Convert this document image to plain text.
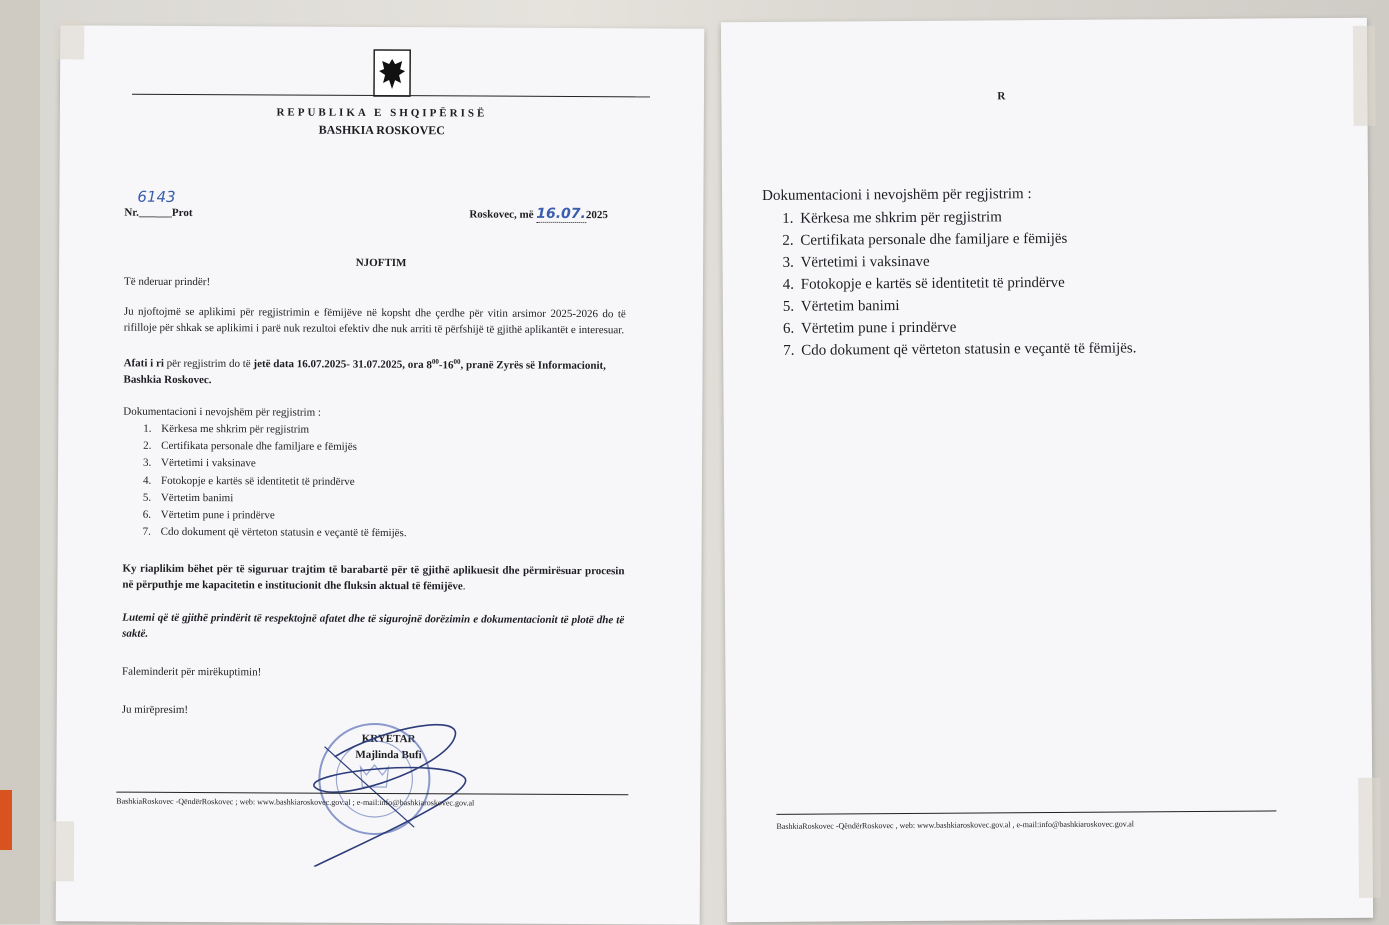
REPUBLIKA E SHQIPËRISË
BASHKIA ROSKOVEC
6143
Nr.______Prot	Roskovec, më 16.07.2025
NJOFTIM
Të nderuar prindër!
Ju njoftojmë se aplikimi për regjistrimin e fëmijëve në kopsht dhe çerdhe për vitin arsimor 2025-2026 do të rifilloje për shkak se aplikimi i parë nuk rezultoi efektiv dhe nuk arriti të përfshijë të gjithë aplikantët e interesuar.
Afati i ri për regjistrim do të jetë data 16.07.2025- 31.07.2025, ora $8^{00}-16^{00}$, pranë Zyrës së Informacionit, Bashkia Roskovec.
Dokumentacioni i nevojshëm për regjistrim :
1. Kërkesa me shkrim për regjistrim
2. Certifikata personale dhe familjare e fëmijës
3. Vërtetimi i vaksinave
4. Fotokopje e kartës së identitetit të prindërve
5. Vërtetim banimi
6. Vërtetim pune i prindërve
7. Cdo dokument që vërteton statusin e veçantë të fëmijës.
Ky riaplikim bëhet për të siguruar trajtim të barabartë për të gjithë aplikuesit dhe përmirësuar procesin në përputhje me kapacitetin e institucionit dhe fluksin aktual të fëmijëve.
Lutemi që të gjithë prindërit të respektojnë afatet dhe të sigurojnë dorëzimin e dokumentacionit të plotë dhe të saktë.
Faleminderit për mirëkuptimin!
Ju mirëpresim!
KRYETAR
Majlinda Bufi
BashkiaRoskovec -QëndërRoskovec ; web: www.bashkiaroskovec.gov.al ; e-mail:info@bashkiaroskovec.gov.al
R
Dokumentacioni i nevojshëm për regjistrim :
1. Kërkesa me shkrim për regjistrim
2. Certifikata personale dhe familjare e fëmijës
3. Vërtetimi i vaksinave
4. Fotokopje e kartës së identitetit të prindërve
5. Vërtetim banimi
6. Vërtetim pune i prindërve
7. Cdo dokument që vërteton statusin e veçantë të fëmijës.
BashkiaRoskovec -QëndërRoskovec , web: www.bashkiaroskovec.gov.al , e-mail:info@bashkiaroskovec.gov.al
